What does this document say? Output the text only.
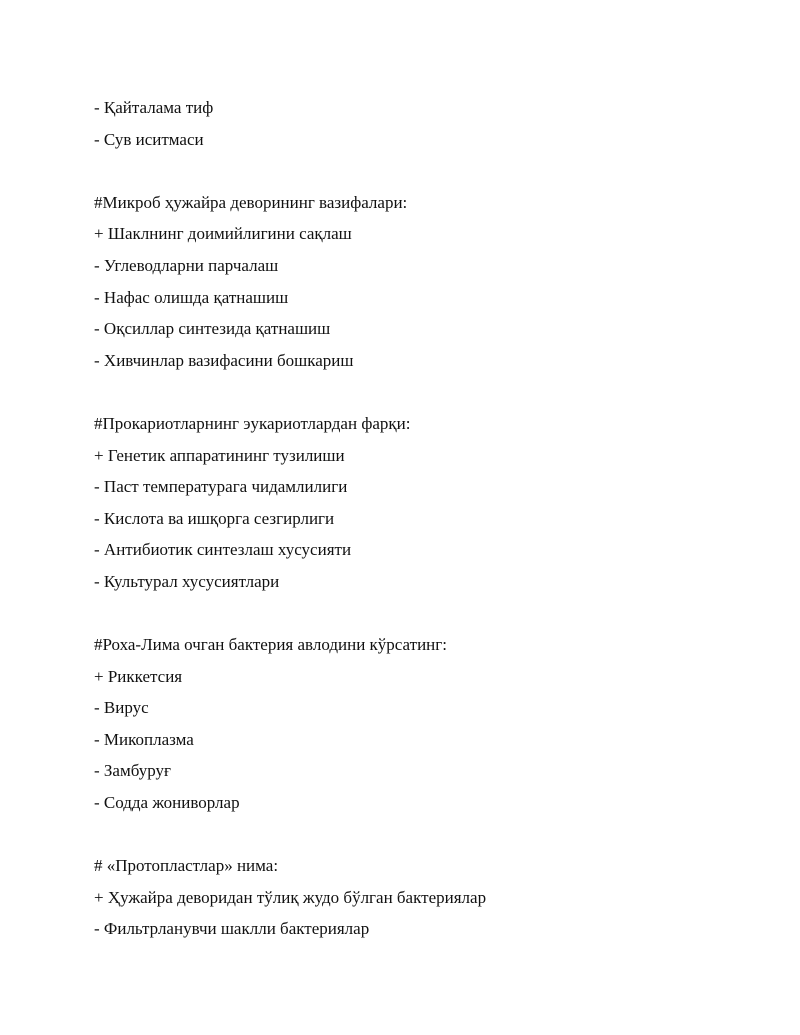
- Қайталама тиф
- Сув иситмаси
#Микроб ҳужайра деворининг вазифалари:
+ Шаклнинг доимийлигини сақлаш
- Углеводларни парчалаш
- Нафас олишда қатнашиш
- Оқсиллар синтезида қатнашиш
- Хивчинлар вазифасини бошкариш
#Прокариотларнинг эукариотлардан фарқи:
+ Генетик аппаратининг тузилиши
- Паст температурага чидамлилиги
- Кислота ва ишқорга сезгирлиги
- Антибиотик синтезлаш хусусияти
- Культурал хусусиятлари
#Роха-Лима очган бактерия авлодини кўрсатинг:
+ Риккетсия
- Вирус
- Микоплазма
- Замбуруғ
- Содда жониворлар
# «Протопластлар» нима:
+ Ҳужайра деворидан тўлиқ жудо бўлган бактериялар
- Фильтрланувчи шаклли бактериялар
